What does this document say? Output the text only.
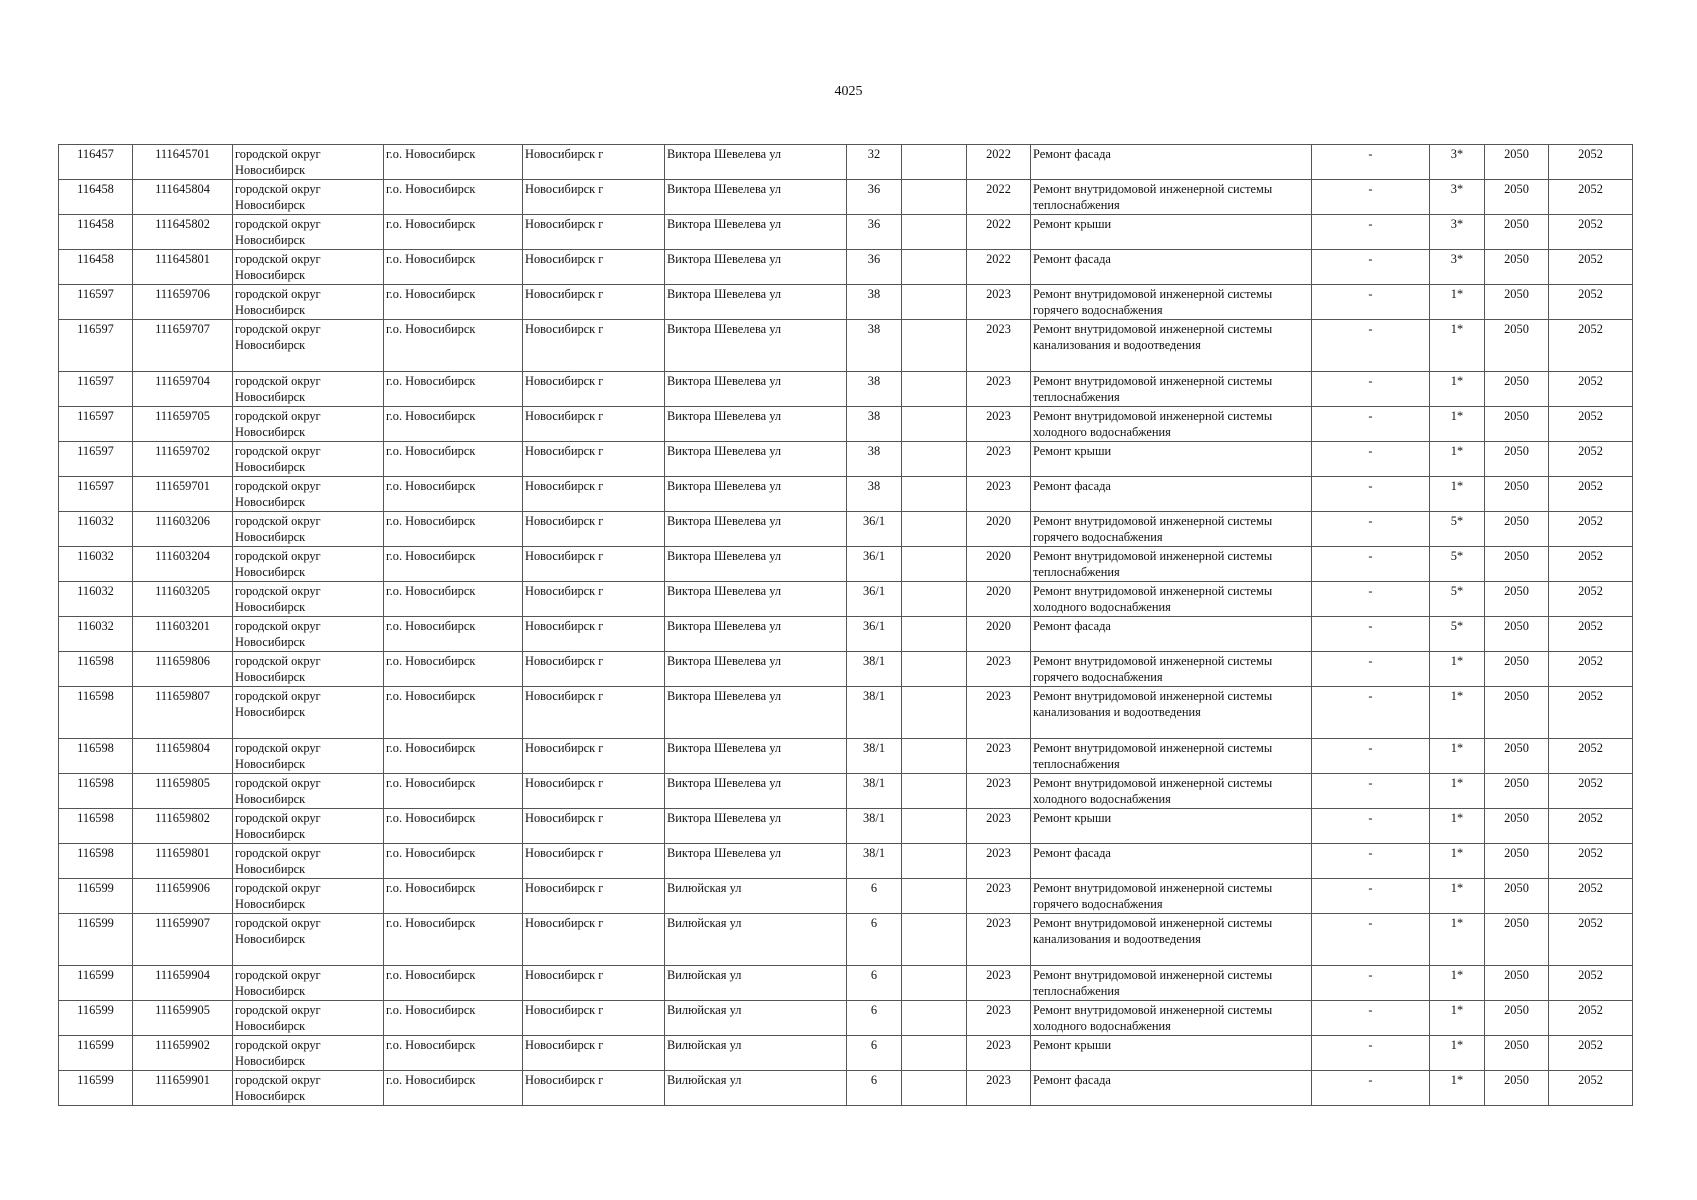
4025
116457	111645701	городской округ Новосибирск	г.о. Новосибирск	Новосибирск г	Виктора Шевелева ул	32		2022	Ремонт фасада	-	3*	2050	2052
116458	111645804	городской округ Новосибирск	г.о. Новосибирск	Новосибирск г	Виктора Шевелева ул	36		2022	Ремонт внутридомовой инженерной системы теплоснабжения	-	3*	2050	2052
116458	111645802	городской округ Новосибирск	г.о. Новосибирск	Новосибирск г	Виктора Шевелева ул	36		2022	Ремонт крыши	-	3*	2050	2052
116458	111645801	городской округ Новосибирск	г.о. Новосибирск	Новосибирск г	Виктора Шевелева ул	36		2022	Ремонт фасада	-	3*	2050	2052
116597	111659706	городской округ Новосибирск	г.о. Новосибирск	Новосибирск г	Виктора Шевелева ул	38		2023	Ремонт внутридомовой инженерной системы горячего водоснабжения	-	1*	2050	2052
116597	111659707	городской округ Новосибирск	г.о. Новосибирск	Новосибирск г	Виктора Шевелева ул	38		2023	Ремонт внутридомовой инженерной системы канализования и водоотведения	-	1*	2050	2052
116597	111659704	городской округ Новосибирск	г.о. Новосибирск	Новосибирск г	Виктора Шевелева ул	38		2023	Ремонт внутридомовой инженерной системы теплоснабжения	-	1*	2050	2052
116597	111659705	городской округ Новосибирск	г.о. Новосибирск	Новосибирск г	Виктора Шевелева ул	38		2023	Ремонт внутридомовой инженерной системы холодного водоснабжения	-	1*	2050	2052
116597	111659702	городской округ Новосибирск	г.о. Новосибирск	Новосибирск г	Виктора Шевелева ул	38		2023	Ремонт крыши	-	1*	2050	2052
116597	111659701	городской округ Новосибирск	г.о. Новосибирск	Новосибирск г	Виктора Шевелева ул	38		2023	Ремонт фасада	-	1*	2050	2052
116032	111603206	городской округ Новосибирск	г.о. Новосибирск	Новосибирск г	Виктора Шевелева ул	36/1		2020	Ремонт внутридомовой инженерной системы горячего водоснабжения	-	5*	2050	2052
116032	111603204	городской округ Новосибирск	г.о. Новосибирск	Новосибирск г	Виктора Шевелева ул	36/1		2020	Ремонт внутридомовой инженерной системы теплоснабжения	-	5*	2050	2052
116032	111603205	городской округ Новосибирск	г.о. Новосибирск	Новосибирск г	Виктора Шевелева ул	36/1		2020	Ремонт внутридомовой инженерной системы холодного водоснабжения	-	5*	2050	2052
116032	111603201	городской округ Новосибирск	г.о. Новосибирск	Новосибирск г	Виктора Шевелева ул	36/1		2020	Ремонт фасада	-	5*	2050	2052
116598	111659806	городской округ Новосибирск	г.о. Новосибирск	Новосибирск г	Виктора Шевелева ул	38/1		2023	Ремонт внутридомовой инженерной системы горячего водоснабжения	-	1*	2050	2052
116598	111659807	городской округ Новосибирск	г.о. Новосибирск	Новосибирск г	Виктора Шевелева ул	38/1		2023	Ремонт внутридомовой инженерной системы канализования и водоотведения	-	1*	2050	2052
116598	111659804	городской округ Новосибирск	г.о. Новосибирск	Новосибирск г	Виктора Шевелева ул	38/1		2023	Ремонт внутридомовой инженерной системы теплоснабжения	-	1*	2050	2052
116598	111659805	городской округ Новосибирск	г.о. Новосибирск	Новосибирск г	Виктора Шевелева ул	38/1		2023	Ремонт внутридомовой инженерной системы холодного водоснабжения	-	1*	2050	2052
116598	111659802	городской округ Новосибирск	г.о. Новосибирск	Новосибирск г	Виктора Шевелева ул	38/1		2023	Ремонт крыши	-	1*	2050	2052
116598	111659801	городской округ Новосибирск	г.о. Новосибирск	Новосибирск г	Виктора Шевелева ул	38/1		2023	Ремонт фасада	-	1*	2050	2052
116599	111659906	городской округ Новосибирск	г.о. Новосибирск	Новосибирск г	Вилюйская ул	6		2023	Ремонт внутридомовой инженерной системы горячего водоснабжения	-	1*	2050	2052
116599	111659907	городской округ Новосибирск	г.о. Новосибирск	Новосибирск г	Вилюйская ул	6		2023	Ремонт внутридомовой инженерной системы канализования и водоотведения	-	1*	2050	2052
116599	111659904	городской округ Новосибирск	г.о. Новосибирск	Новосибирск г	Вилюйская ул	6		2023	Ремонт внутридомовой инженерной системы теплоснабжения	-	1*	2050	2052
116599	111659905	городской округ Новосибирск	г.о. Новосибирск	Новосибирск г	Вилюйская ул	6		2023	Ремонт внутридомовой инженерной системы холодного водоснабжения	-	1*	2050	2052
116599	111659902	городской округ Новосибирск	г.о. Новосибирск	Новосибирск г	Вилюйская ул	6		2023	Ремонт крыши	-	1*	2050	2052
116599	111659901	городской округ Новосибирск	г.о. Новосибирск	Новосибирск г	Вилюйская ул	6		2023	Ремонт фасада	-	1*	2050	2052
